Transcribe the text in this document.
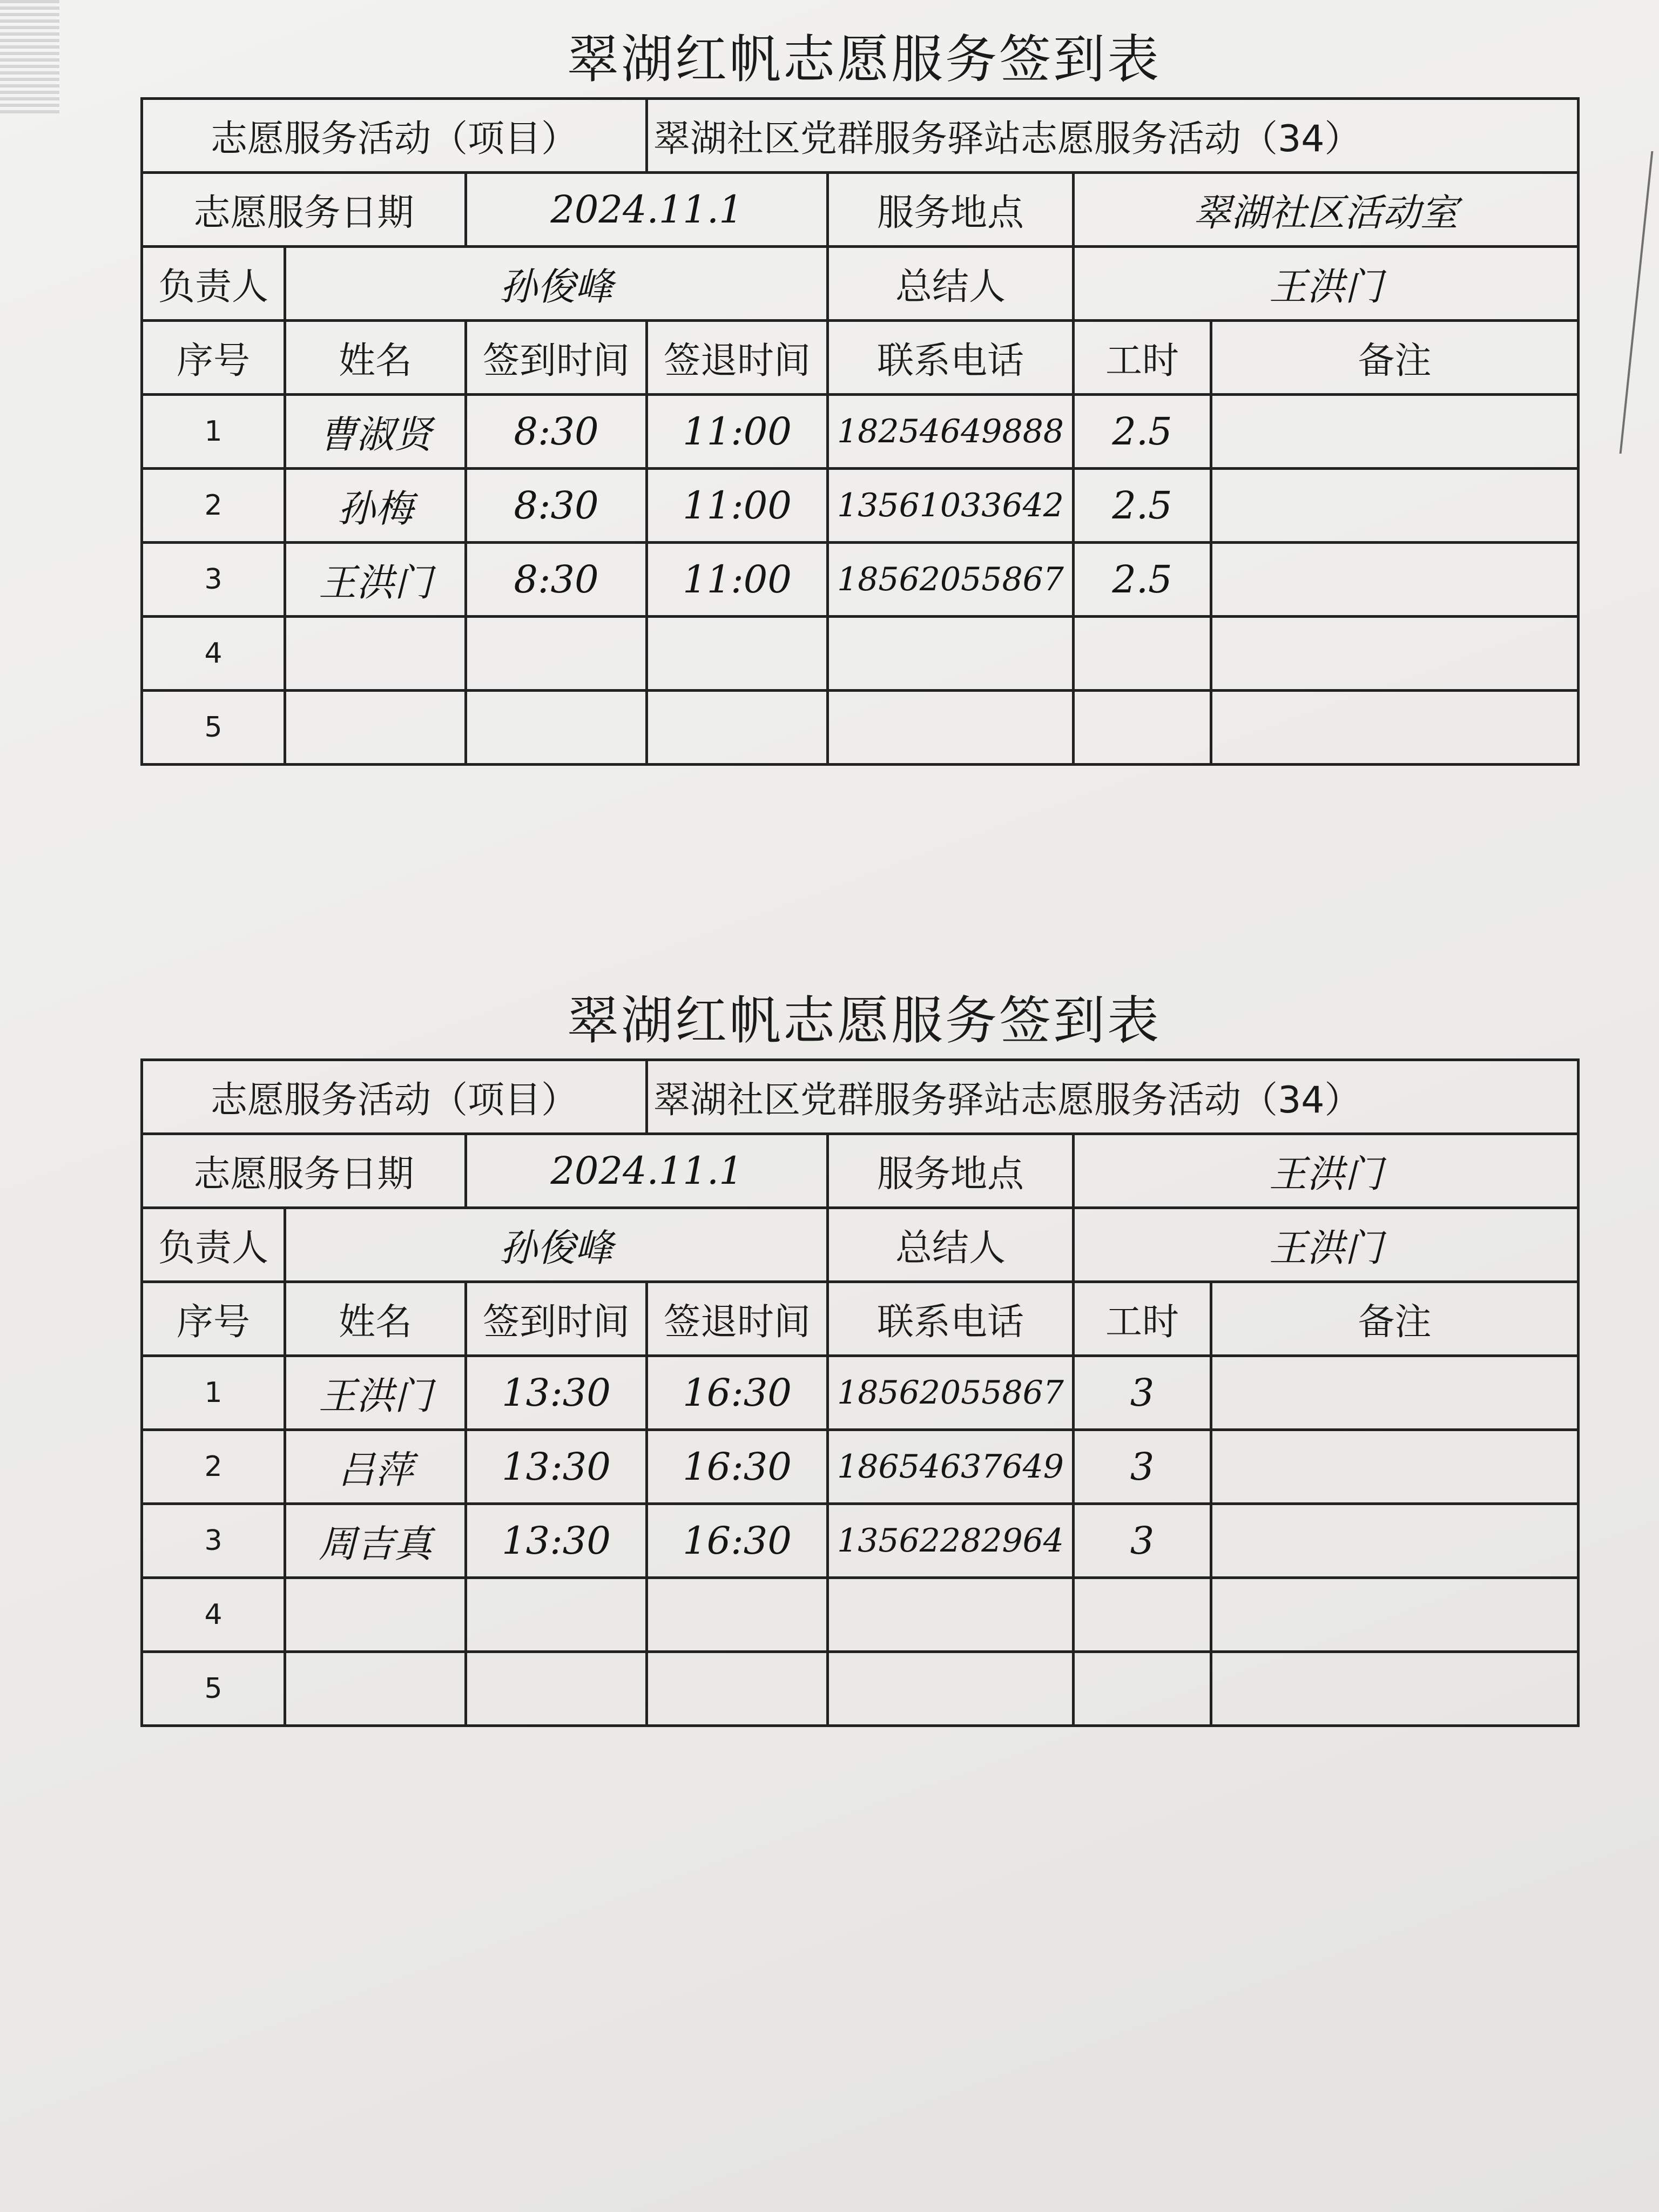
翠湖红帆志愿服务签到表
志愿服务活动（项目）			翠湖社区党群服务驿站志愿服务活动（34）			
志愿服务日期		2024.11.1		服务地点	翠湖社区活动室	
负责人	孙俊峰			总结人	王洪门	
序号	姓名	签到时间	签退时间	联系电话	工时	备注
1	曹淑贤	8:30	11:00	18254649888	2.5	
2	孙梅	8:30	11:00	13561033642	2.5	
3	王洪门	8:30	11:00	18562055867	2.5	
4						
5						
翠湖红帆志愿服务签到表
志愿服务活动（项目）			翠湖社区党群服务驿站志愿服务活动（34）			
志愿服务日期		2024.11.1		服务地点	王洪门	
负责人	孙俊峰			总结人	王洪门	
序号	姓名	签到时间	签退时间	联系电话	工时	备注
1	王洪门	13:30	16:30	18562055867	3	
2	吕萍	13:30	16:30	18654637649	3	
3	周吉真	13:30	16:30	13562282964	3	
4						
5						
